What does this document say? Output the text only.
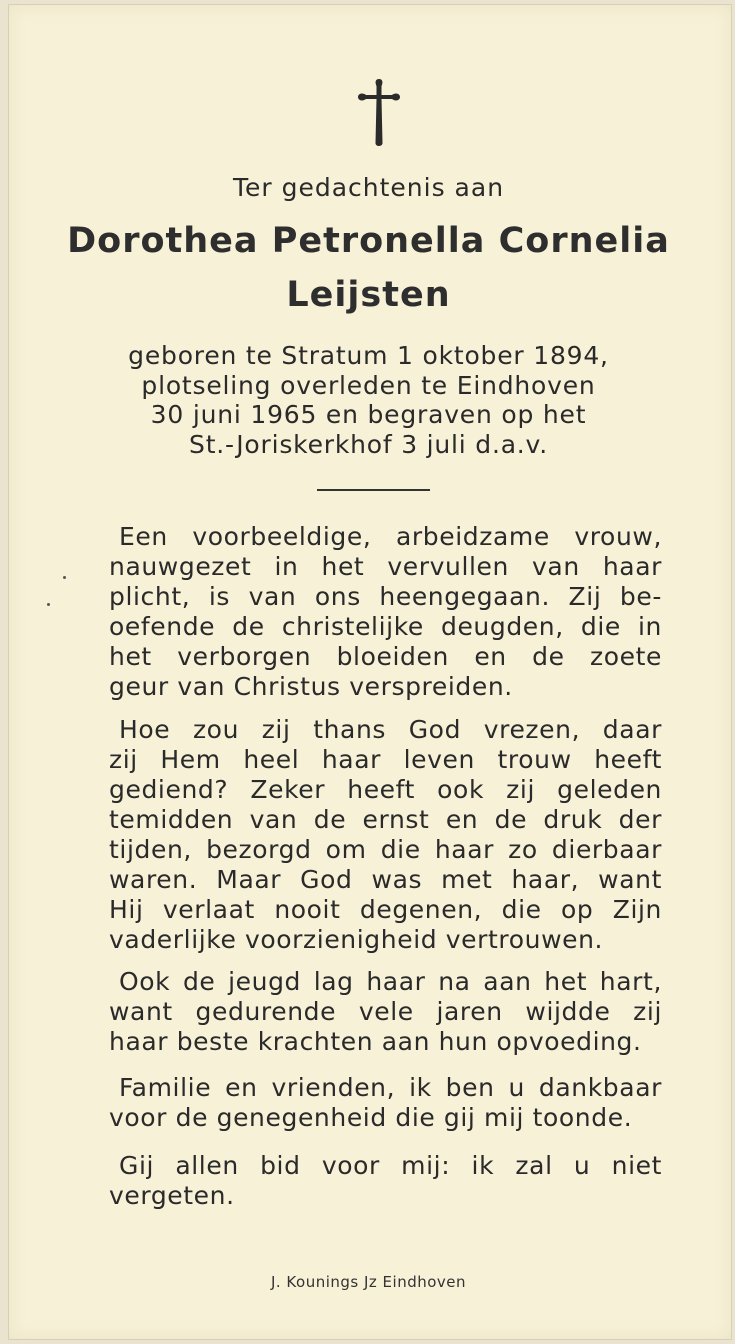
Ter gedachtenis aan
Dorothea Petronella Cornelia
Leijsten
geboren te Stratum 1 oktober 1894,
plotseling overleden te Eindhoven
30 juni 1965 en begraven op het
St.-Joriskerkhof 3 juli d.a.v.
Een voorbeeldige, arbeidzame vrouw,
nauwgezet in het vervullen van haar
plicht, is van ons heengegaan. Zij be-
oefende de christelijke deugden, die in
het verborgen bloeiden en de zoete
geur van Christus verspreiden.
Hoe zou zij thans God vrezen, daar
zij Hem heel haar leven trouw heeft
gediend? Zeker heeft ook zij geleden
temidden van de ernst en de druk der
tijden, bezorgd om die haar zo dierbaar
waren. Maar God was met haar, want
Hij verlaat nooit degenen, die op Zijn
vaderlijke voorzienigheid vertrouwen.
Ook de jeugd lag haar na aan het hart,
want gedurende vele jaren wijdde zij
haar beste krachten aan hun opvoeding.
Familie en vrienden, ik ben u dankbaar
voor de genegenheid die gij mij toonde.
Gij allen bid voor mij: ik zal u niet
vergeten.
J. Kounings Jz Eindhoven
